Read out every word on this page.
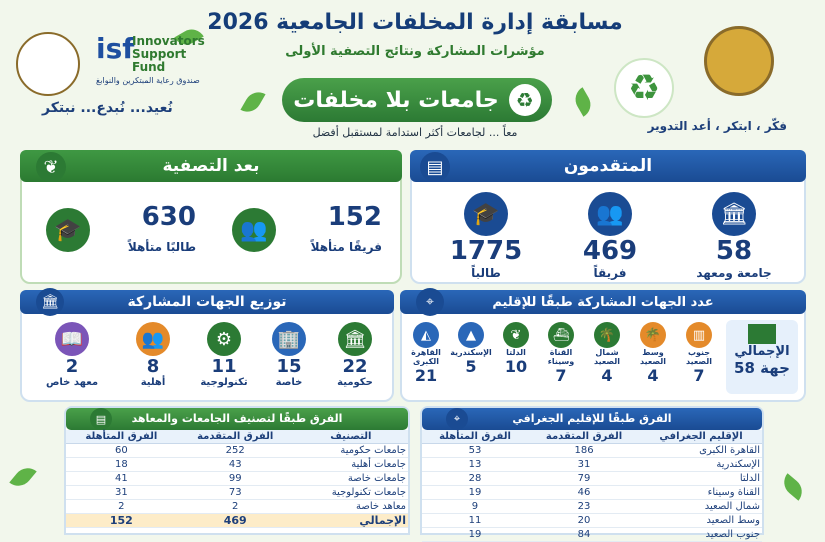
مسابقة إدارة المخلفات الجامعية 2026
مؤشرات المشاركة ونتائج التصفية الأولى
جامعات بلا مخلفات ♻
معاً ... لجامعات أكثر استدامة لمستقبل أفضل	فكّر ، ابتكر ، أعد التدوير
نُعيد... نُبدع... نبتكر
isf
Innovators
Support
Fund
صندوق رعاية المبتكرين والنوابغ	♻
بعد التصفية
❦
👥	152
فريقًا متأهلاً
🎓	630
طالبًا متأهلاً
المتقدمون
▤
🏛
58
جامعة ومعهد
👥
469
فريقاً
🎓
1775
طالباً
توزيع الجهات المشاركة
🏛
🏛
22
حكومية
🏢
15
خاصة
⚙
11
تكنولوجية
👥
8
أهلية
📖
2
معهد خاص
عدد الجهات المشاركة طبقًا للإقليم
⌖
الإجمالي
58 جهة
▥
جنوب الصعيد
7
🌴
وسط الصعيد
4
🌴
شمال الصعيد
4
⛴
القناة وسيناء
7
❦
الدلتا
10
▲
الإسكندرية
5
◭
القاهرة الكبرى
21
الفرق طبقًا لتصنيف الجامعات والمعاهد
▤
التصنيف	الفرق المتقدمة	الفرق المتأهلة
جامعات حكومية	252	60
جامعات أهلية	43	18
جامعات خاصة	99	41
جامعات تكنولوجية	73	31
معاهد خاصة	2	2
الإجمالي	469	152
الفرق طبقًا للإقليم الجغرافي
⌖
الإقليم الجغرافي	الفرق المتقدمة	الفرق المتأهلة
القاهرة الكبرى	186	53
الإسكندرية	31	13
الدلتا	79	28
القناة وسيناء	46	19
شمال الصعيد	23	9
وسط الصعيد	20	11
جنوب الصعيد	84	19
